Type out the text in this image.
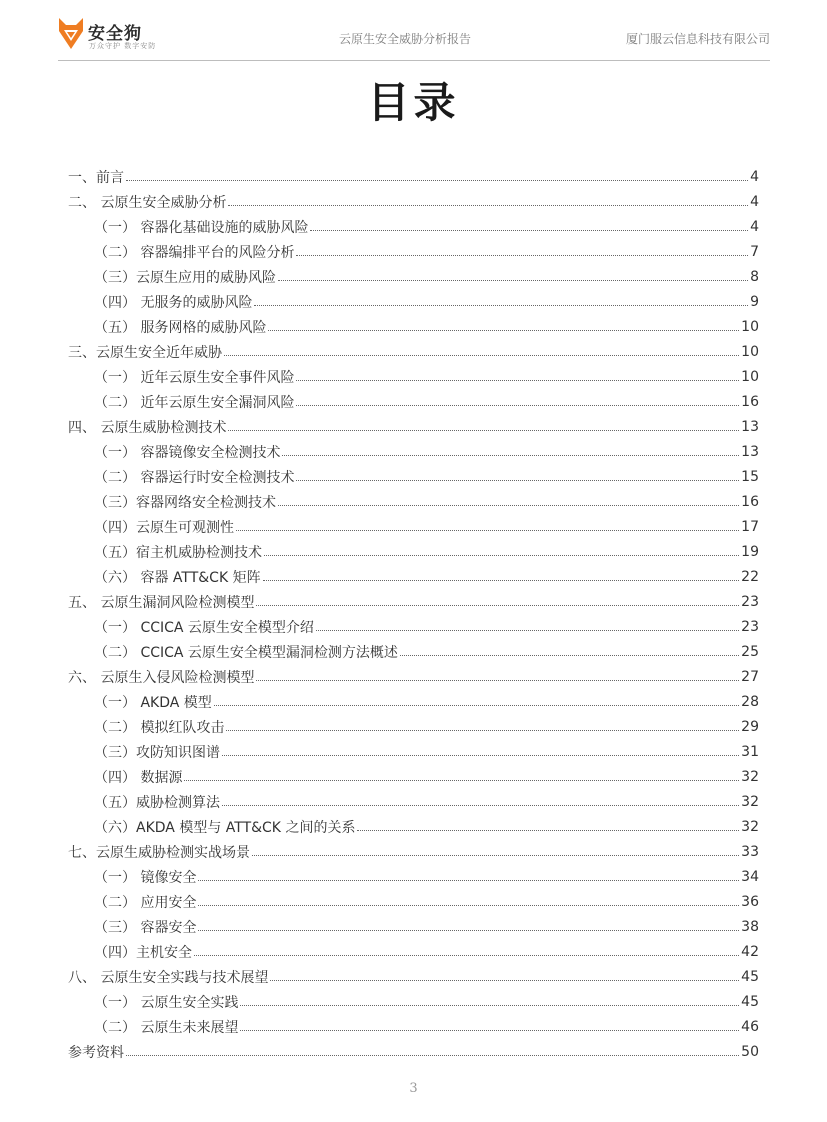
安全狗
万众守护 数字安防	云原生安全威胁分析报告	厦门服云信息科技有限公司
目录
一、前言	4
二、 云原生安全威胁分析	4
（一） 容器化基础设施的威胁风险	4
（二） 容器编排平台的风险分析	7
（三）云原生应用的威胁风险	8
（四） 无服务的威胁风险	9
（五） 服务网格的威胁风险	10
三、云原生安全近年威胁	10
（一） 近年云原生安全事件风险	10
（二） 近年云原生安全漏洞风险	16
四、 云原生威胁检测技术	13
（一） 容器镜像安全检测技术	13
（二） 容器运行时安全检测技术	15
（三）容器网络安全检测技术	16
（四）云原生可观测性	17
（五）宿主机威胁检测技术	19
（六） 容器 ATT&CK 矩阵	22
五、 云原生漏洞风险检测模型	23
（一） CCICA 云原生安全模型介绍	23
（二） CCICA 云原生安全模型漏洞检测方法概述	25
六、 云原生入侵风险检测模型	27
（一） AKDA 模型	28
（二） 模拟红队攻击	29
（三）攻防知识图谱	31
（四） 数据源	32
（五）威胁检测算法	32
（六）AKDA 模型与 ATT&CK 之间的关系	32
七、云原生威胁检测实战场景	33
（一） 镜像安全	34
（二） 应用安全	36
（三） 容器安全	38
（四）主机安全	42
八、 云原生安全实践与技术展望	45
（一） 云原生安全实践	45
（二） 云原生未来展望	46
参考资料	50
3
